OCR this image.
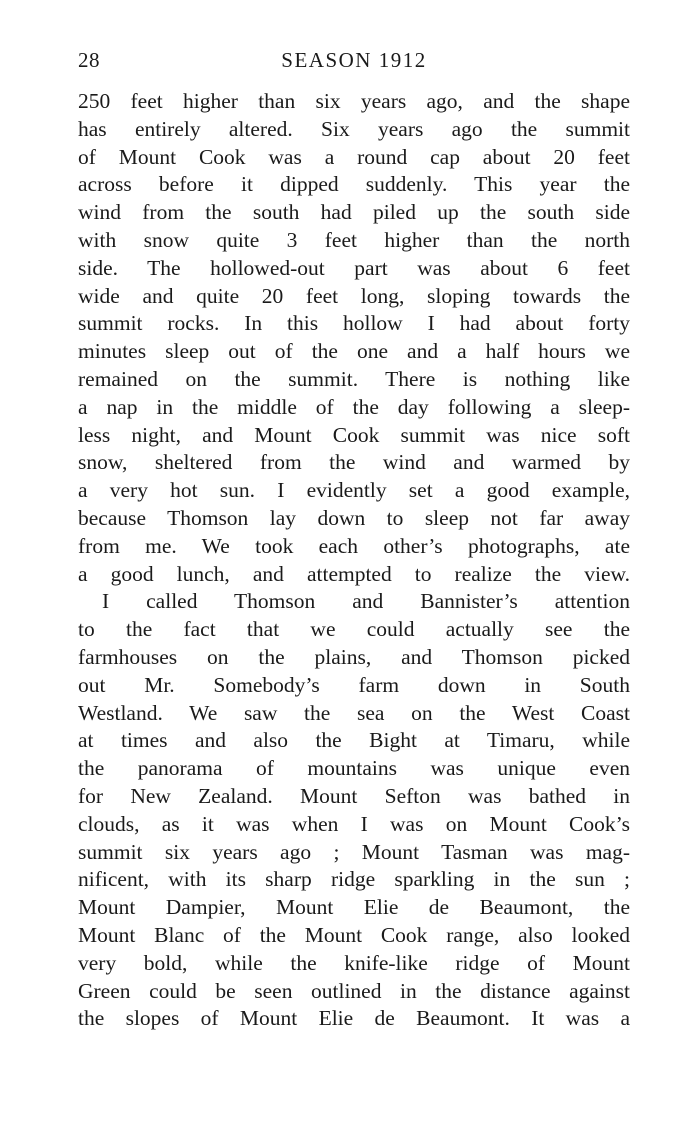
28	SEASON 1912
250 feet higher than six years ago, and the shape
has entirely altered. Six years ago the summit
of Mount Cook was a round cap about 20 feet
across before it dipped suddenly. This year the
wind from the south had piled up the south side
with snow quite 3 feet higher than the north
side. The hollowed-out part was about 6 feet
wide and quite 20 feet long, sloping towards the
summit rocks. In this hollow I had about forty
minutes sleep out of the one and a half hours we
remained on the summit. There is nothing like
a nap in the middle of the day following a sleep-
less night, and Mount Cook summit was nice soft
snow, sheltered from the wind and warmed by
a very hot sun. I evidently set a good example,
because Thomson lay down to sleep not far away
from me. We took each other’s photographs, ate
a good lunch, and attempted to realize the view.
I called Thomson and Bannister’s attention
to the fact that we could actually see the
farmhouses on the plains, and Thomson picked
out Mr. Somebody’s farm down in South
Westland. We saw the sea on the West Coast
at times and also the Bight at Timaru, while
the panorama of mountains was unique even
for New Zealand. Mount Sefton was bathed in
clouds, as it was when I was on Mount Cook’s
summit six years ago ; Mount Tasman was mag-
nificent, with its sharp ridge sparkling in the sun ;
Mount Dampier, Mount Elie de Beaumont, the
Mount Blanc of the Mount Cook range, also looked
very bold, while the knife-like ridge of Mount
Green could be seen outlined in the distance against
the slopes of Mount Elie de Beaumont. It was a
